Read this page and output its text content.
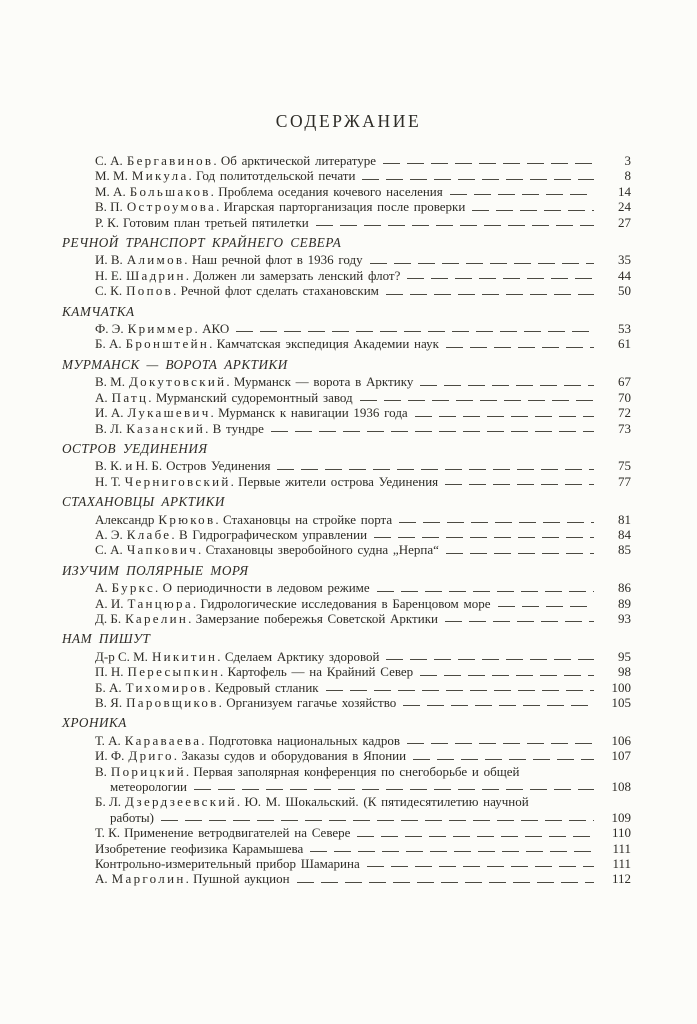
СОДЕРЖАНИЕ
С. А. Бергавинов. Об арктической литературе	3
М. М. Микула. Год политотдельской печати	8
М. А. Большаков. Проблема оседания кочевого населения	14
В. П. Остроумова. Игарская парторганизация после проверки	24
Р. К. Готовим план третьей пятилетки	27
РЕЧНОЙ ТРАНСПОРТ КРАЙНЕГО СЕВЕРА
И. В. Алимов. Наш речной флот в 1936 году	35
Н. Е. Шадрин. Должен ли замерзать ленский флот?	44
С. К. Попов. Речной флот сделать стахановским	50
КАМЧАТКА
Ф. Э. Криммер. АКО	53
Б. А. Бронштейн. Камчатская экспедиция Академии наук	61
МУРМАНСК — ВОРОТА АРКТИКИ
В. М. Докутовский. Мурманск — ворота в Арктику	67
А. Патц. Мурманский судоремонтный завод	70
И. А. Лукашевич. Мурманск к навигации 1936 года	72
В. Л. Казанский. В тундре	73
ОСТРОВ УЕДИНЕНИЯ
В. К. и Н. Б. Остров Уединения	75
Н. Т. Черниговский. Первые жители острова Уединения	77
СТАХАНОВЦЫ АРКТИКИ
Александр Крюков. Стахановцы на стройке порта	81
А. Э. Клабе. В Гидрографическом управлении	84
С. А. Чапкович. Стахановцы зверобойного судна „Нерпа“	85
ИЗУЧИМ ПОЛЯРНЫЕ МОРЯ
А. Буркс. О периодичности в ледовом режиме	86
А. И. Танцюра. Гидрологические исследования в Баренцовом море	89
Д. Б. Карелин. Замерзание побережья Советской Арктики	93
НАМ ПИШУТ
Д-р С. М. Никитин. Сделаем Арктику здоровой	95
П. Н. Пересыпкин. Картофель — на Крайний Север	98
Б. А. Тихомиров. Кедровый стланик	100
В. Я. Паровщиков. Организуем гагачье хозяйство	105
ХРОНИКА
Т. А. Караваева. Подготовка национальных кадров	106
И. Ф. Дриго. Заказы судов и оборудования в Японии	107
В. Порицкий. Первая заполярная конференция по снегоборьбе и общей
метеорологии	108
Б. Л. Дзердзеевский. Ю. М. Шокальский. (К пятидесятилетию научной
работы)	109
Т. К. Применение ветродвигателей на Севере	110
Изобретение геофизика Карамышева	111
Контрольно-измерительный прибор Шамарина	111
А. Марголин. Пушной аукцион	112
